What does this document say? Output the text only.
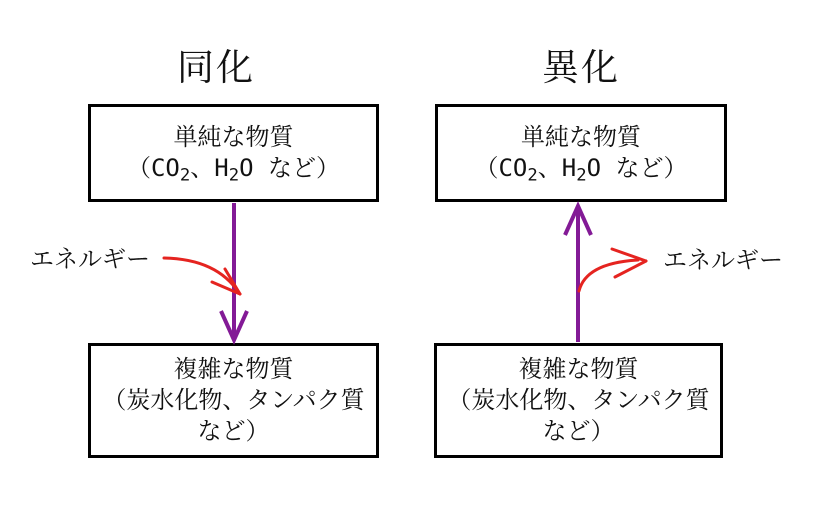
同化	異化
単純な物質
（$CO_2$、$H_2O$ など）
単純な物質
（$CO_2$、$H_2O$ など）
複雑な物質
（炭水化物、タンパク質
など）
複雑な物質
（炭水化物、タンパク質
など）
エネルギー	エネルギー
